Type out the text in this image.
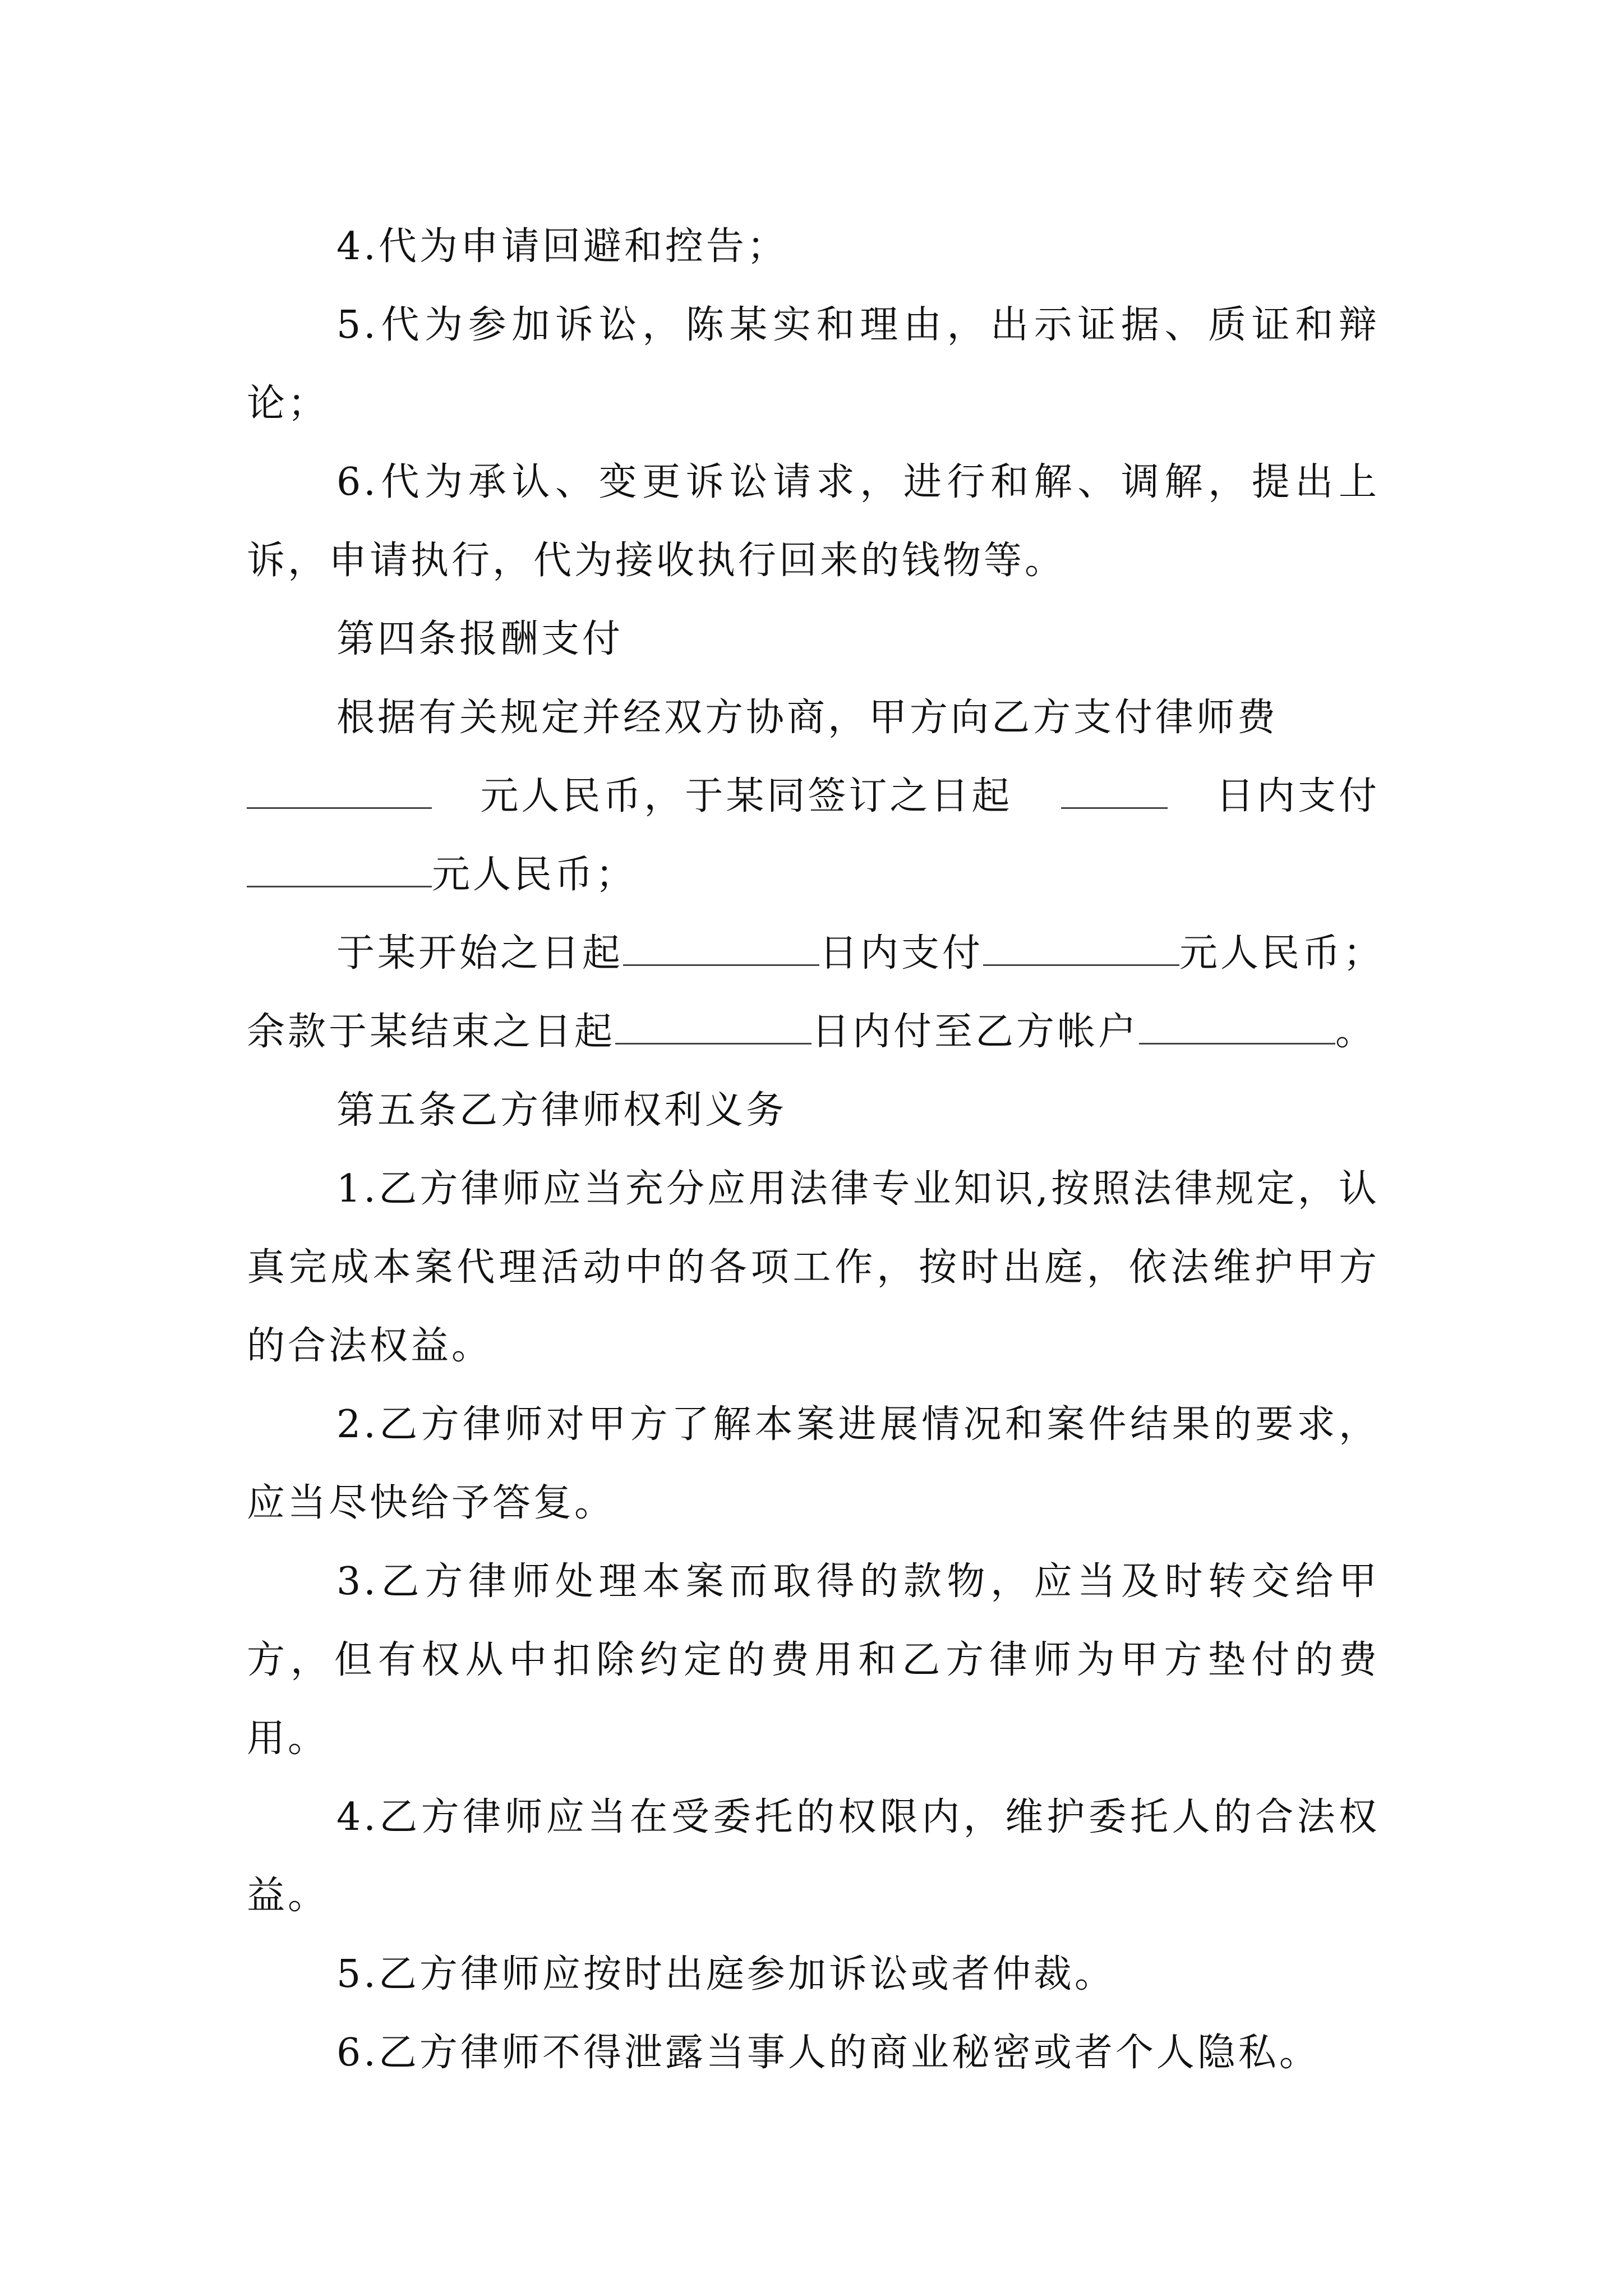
4.代为申请回避和控告；

5.代为参加诉讼，陈某实和理由，出示证据、质证和辩论；

6.代为承认、变更诉讼请求，进行和解、调解，提出上诉，申请执行，代为接收执行回来的钱物等。

第四条报酬支付

根据有关规定并经双方协商，甲方向乙方支付律师费
元人民币，于某同签订之日起	日内支付
元人民币；
于某开始之日起	日内支付	元人民币；
余款于某结束之日起	日内付至乙方帐户	。

第五条乙方律师权利义务

1.乙方律师应当充分应用法律专业知识,按照法律规定，认真完成本案代理活动中的各项工作，按时出庭，依法维护甲方的合法权益。

2.乙方律师对甲方了解本案进展情况和案件结果的要求，应当尽快给予答复。

3.乙方律师处理本案而取得的款物，应当及时转交给甲方，但有权从中扣除约定的费用和乙方律师为甲方垫付的费用。

4.乙方律师应当在受委托的权限内，维护委托人的合法权益。

5.乙方律师应按时出庭参加诉讼或者仲裁。

6.乙方律师不得泄露当事人的商业秘密或者个人隐私。
